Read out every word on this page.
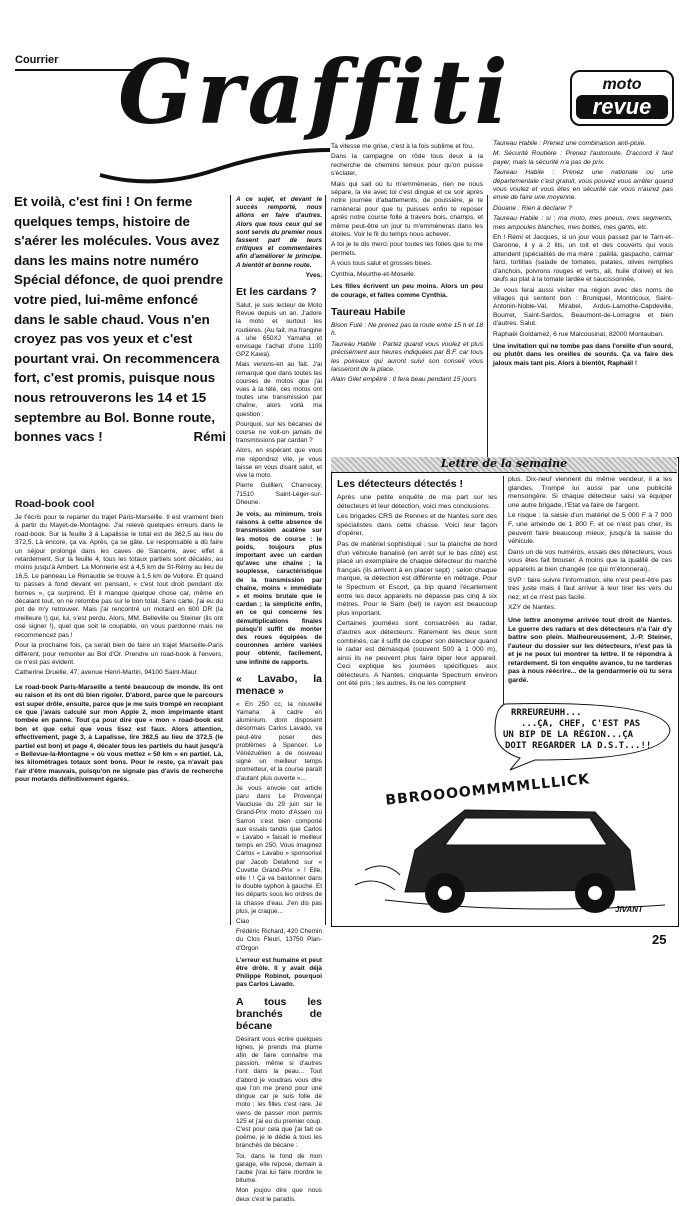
Courrier Graffiti	moto
revue
Et voilà, c'est fini ! On ferme quelques temps, histoire de s'aérer les molécules. Vous avez dans les mains notre numéro Spécial défonce, de quoi prendre votre pied, lui-même enfoncé dans le sable chaud. Vous n'en croyez pas vos yeux et c'est pourtant vrai. On recommencera fort, c'est promis, puisque nous nous retrouverons les 14 et 15 septembre au Bol. Bonne route, bonnes vacs !	Rémi
Road-book cool

Je t'écris pour te reparler du trajet Paris-Marseille. Il est vraiment bien à partir du Mayet-de-Montagne. J'ai relevé quelques erreurs dans le road-book. Sur la feuille 3 à Lapalisse le total est de 362,5 au lieu de 372,5. Là encore, ça va. Après, ça se gâte. Le responsable a dû faire un séjour prolongé dans les caves de Sancerre, avec effet à retardement. Sur la feuille 4, tous les totaux partiels sont décalés, au moins jusqu'à Ambert. La Monnerie est à 4,5 km de St-Rémy au lieu de 16,5. Le panneau Le Renaudie se trouve à 1,5 km de Vollore. Et quand tu passes à fond devant en pensant, « c'est tout droit pendant dix bornes », ça surprend. Et il manque quelque chose car, même en décalant tout, on ne retombe pas sur le bon total. Sans carte, j'ai eu du pot de m'y retrouver. Mais j'ai rencontré un motard en 600 DR (la meilleure !) qui, lui, s'est perdu. Alors, MM. Belleville ou Steiner (ils ont osé signer !), quel que soit le coupable, on vous pardonne mais ne recommencez pas !

Pour la prochaine fois, ça serait bien de faire un trajet Marseille-Paris différent, pour remonter au Bol d'Or. Prendre un road-book à l'envers, ce n'est pas évident.

Catherine Druelle, 47, avenue Henri-Martin, 94100 Saint-Maur.

Le road-book Paris-Marseille a tenté beaucoup de monde. Ils ont eu raison et ils ont dû bien rigoler. D'abord, parce que le parcours est super drôle, ensuite, parce que je me suis trompé en recopiant ce que j'avais calculé sur mon Apple 2, mon imprimante étant tombée en panne. Tout ça pour dire que « mon » road-book est bon et que celui que vous lisez est faux. Alors attention, effectivement, page 3, à Lapalisse, lire 362,5 au lieu de 372,5 (le partiel est bon) et page 4, décaler tous les partiels du haut jusqu'à « Bellevue-la-Montagne » où vous mettez « 50 km » en partiel. Là, les kilométrages totaux sont bons. Pour le reste, ça n'avait pas l'air d'être mauvais, puisqu'on ne signale pas d'avis de recherche pour motards définitivement égarés.

A ce sujet, et devant le succès remporté, nous allons en faire d'autres. Alors que tous ceux qui se sont servis du premier nous fassent part de leurs critiques et commentaires afin d'améliorer le principe. A bientôt et bonne route.

Yves.

Et les cardans ?

Salut, je suis lecteur de Moto Revue depuis un an. J'adore la moto et surtout les routières. (Au fait, ma frangine a une 650XJ Yamaha et envisage l'achat d'une 1100 GPZ Kawa).

Mais venons-en au fait. J'ai remarqué que dans toutes les courses de motos que j'ai vues à la télé, ces motos ont toutes une transmission par chaîne, alors voilà ma question :

Pourquoi, sur les bécanes de course ne voit-on jamais de transmissions par cardan ?

Alors, en espérant que vous me répondrez vite, je vous laisse en vous disant salut, et vive la moto.

Pierre Guillien, Charrecey, 71510 Saint-Léger-sur-Dheune.

Je vois, au minimum, trois raisons à cette absence de transmission acatène sur les motos de course : le poids, toujours plus important avec un cardan qu'avec une chaîne ; la souplesse, caractéristique de la transmission par chaîne, moins « immédiate » et moins brutale que le cardan ; la simplicité enfin, en ce qui concerne les démultiplications finales puisqu'il suffit de monter des roues équipées de couronnes arrière variées pour obtenir, facilement, une infinité de rapports.

« Lavabo, la menace »

« En 250 cc, la nouvelle Yamaha à cadre en aluminium, dont disposent désormais Carlos Lavado, va peut-être poser des problèmes à Spencer. Le Vénézuélien a de nouveau signé un meilleur temps prometteur, et la course paraît d'autant plus ouverte »...

Je vous envoie cet article paru dans Le Provençal Vaucluse du 29 juin sur le Grand-Prix moto d'Assen où Sarron s'est bien comporté aux essais tandis que Carlos « Lavabo » faisait le meilleur temps en 250. Vous imaginez Carlos « Lavabo » sponsorisé par Jacob Delafond sur « Cuvette Grand-Prix » ! Elle, elle ! ! Ça va bastonner dans le double syphon à gauche. Et les départs sous les ordres de la chasse d'eau. J'en dis pas plus, je craque...

Ciao

Frédéric Richard, 420 Chemin du Clos Fleuri, 13750 Plan-d'Orgon

L'erreur est humaine et peut être drôle. Il y avait déjà Philippe Robinot, pourquoi pas Carlos Lavado.

A tous les branchés de bécane

Désirant vous écrire quelques lignes, je prends ma plume afin de faire connaître ma passion, même si d'autres l'ont dans la peau... Tout d'abord je voudrais vous dire que l'on me prend pour une dingue car je suis folle de moto ; les filles c'est rare. Je viens de passer mon permis 125 et j'ai eu du premier coup. C'est pour cela que j'ai fait ce poème, je le dédie à tous les branchés de bécane :

Toi, dans le fond de mon garage, elle repose, demain à l'aube j'irai lui faire mordre le bitume.

Mon joujou dire que nous deux c'est le paradis.

Ta vitesse me grise, c'est à la fois sublime et fou.

Dans la campagne on rôde tous deux à la recherche de chemins terreux pour qu'on puisse s'éclater,

Mais qui sait où tu m'emmèneras, rien ne nous sépare, la vie avec toi c'est dingue et ce soir après notre journée d'abattements, de poussière, je te ramènerai pour que tu puisses enfin te reposer après notre course folle à travers bois, champs, et même peut-être un jour tu m'emmèneras dans les étoiles. Voir le fil du temps nous achever.

A toi je te dis merci pour toutes les folies que tu me permets.

A vous tous salut et grosses bises.

Cynthia, Meurthe-et-Moselle.

Les filles écrivent un peu moins. Alors un peu de courage, et faites comme Cynthia.

Taureau Habile

Bison Futé : Ne prenez pas la route entre 15 h et 18 h.

Taureau Habile : Partez quand vous voulez et plus précisément aux heures indiquées par B.F. car tous les poireaux qui auront suivi son conseil vous laisseront de la place.

Alain Gilet empêtré : Il fera beau pendant 15 jours

Taureau Habile : Prenez une combinaison anti-pluie.

M. Sécurité Routière : Prenez l'autoroute. D'accord il faut payer, mais la sécurité n'a pas de prix.

Taureau Habile : Prenez une nationale ou une départementale c'est gratuit, vous pouvez vous arrêter quand vous voulez et vous êtes en sécurité car vous n'aurez pas envie de faire une moyenne.

Douane : Rien à déclarer ?

Taureau Habile : si ; ma moto, mes pneus, mes segments, mes ampoules blanches, mes bottes, mes gants, etc.

Eh ! Rémi et Jacques, si un jour vous passez par le Tarn-et-Garonne, il y a 2 lits, un toit et des couverts qui vous attendent (spécialités de ma mère : paëlla, gaspacho, calmar farci, tortillas (salade de tomates, patates, olives remplies d'anchois, poivrons rouges et verts, ail, huile d'olive) et les œufs au plat à la tomate lardée et saucissonnée.

Je vous ferai aussi visiter ma région avec des noms de villages qui sentent bon : Bruniquel, Montricoux, Saint-Antonin-Noble-Val, Mirabel, Ardus-Lamothe-Capdeville, Bourret, Saint-Sardos, Beaumont-de-Lomagne et bien d'autres. Salut.

Raphaël Goldamez, 6 rue Malcousinat, 82000 Montauban.

Une invitation qui ne tombe pas dans l'oreille d'un sourd, ou plutôt dans les oreilles de sourds. Ça va faire des jaloux mais tant pis. Alors à bientôt, Raphaël !

Lettre de la semaine
Les détecteurs détectés !

Après une petite enquête de ma part sur les détecteurs et leur détection, voici mes conclusions.

Les brigades CRS de Rennes et de Nantes sont des spécialistes dans cette chasse. Voici leur façon d'opérer.

Pas de matériel sophistiqué ; sur la planche de bord d'un véhicule banalisé (en arrêt sur le bas côté) est placé un exemplaire de chaque détecteur du marché français (ils arrivent à en placer sept) ; selon chaque marque, la détection est différente en métrage. Pour le Spectrum et Escort, ça bip quand l'écartement entre les deux appareils ne dépasse pas cinq à six mètres. Pour le Sam (bel) le rayon est beaucoup plus important.

Certaines journées sont consacrées au radar, d'autres aux détecteurs. Rarement les deux sont combinés, car il suffit de couper son détecteur quand le radar est démasqué (souvent 500 à 1 000 m), ainsi ils ne peuvent plus faire biper leur appareil. Ceci explique les journées spécifiques aux détecteurs. A Nantes, cinquante Spectrum environ ont été pris ; les autres, ils ne les comptent

plus. Dix-neuf viennent du même vendeur, il a les glandes. Trompé lui aussi par une publicité mensongère. Si chaque détecteur saisi va équiper une autre brigade, l'Etat va faire de l'argent.

Le risque : la saisie d'un matériel de 5 000 F à 7 000 F, une amende de 1 800 F, et ce n'est pas cher, ils peuvent faire beaucoup mieux, jusqu'à la saisie du véhicule.

Dans un de vos numéros, essais des détecteurs, vous vous êtes fait blouser. A moins que la qualité de ces appareils ai bien changée (ce qui m'étonnerai).

SVP : faire suivre l'information, elle n'est peut-être pas très juste mais il faut arriver à leur tirer les vers du nez, et ce n'est pas facile.

XZY de Nantes.

Une lettre anonyme arrivée tout droit de Nantes. Le guerre des radars et des détecteurs n'a l'air d'y battre son plein. Malheureusement, J.-P. Steiner, l'auteur du dossier sur les détecteurs, n'est pas là et je ne peux lui montrer ta lettre. Il te répondra à retardement. Si ton enquête avance, tu ne tarderas pas à nous réécrire... de la gendarmerie où tu sera gardé.

RRREUREUHH...
...ÇA, CHEF, C'EST PAS
UN BIP DE LA RÉGION...ÇA
DOIT REGARDER LA D.S.T...!!
BBROOOOMMMMLLLICK
JIVANT
25
